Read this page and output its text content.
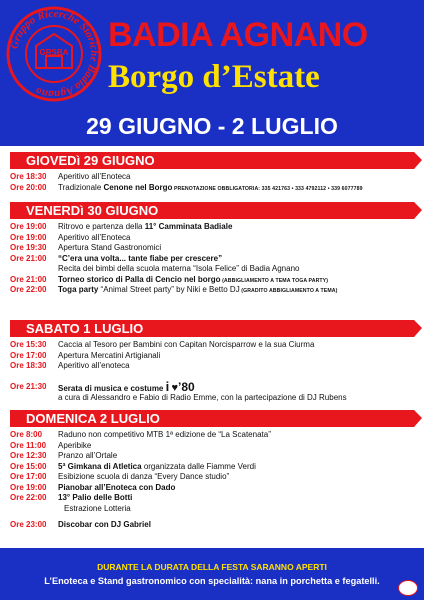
Gruppo Ricerche Storiche Badia Agnano
GRSBA BADIA AGNANO
Borgo d’Estate
29 GIUGNO - 2 LUGLIO
GIOVEDì 29 GIUGNO
Ore 18:30 Aperitivo all’Enoteca
Ore 20:00 Tradizionale Cenone nel Borgo PRENOTAZIONE OBBLIGATORIA: 335 421763 • 333 4792112 • 339 6077789
VENERDì 30 GIUGNO
Ore 19:00 Ritrovo e partenza della 11° Camminata Badiale
Ore 19:00 Aperitivo all’Enoteca
Ore 19:30 Apertura Stand Gastronomici
Ore 21:00 “C’era una volta... tante fiabe per crescere”
Recita dei bimbi della scuola materna “Isola Felice” di Badia Agnano
Ore 21:00 Torneo storico di Palla di Cencio nel borgo (ABBIGLIAMENTO A TEMA TOGA PARTY)
Ore 22:00 Toga party “Animal Street party” by Niki e Betto DJ (GRADITO ABBIGLIAMENTO A TEMA)
SABATO 1 LUGLIO
Ore 15:30 Caccia al Tesoro per Bambini con Capitan Norcisparrow e la sua Ciurma
Ore 17:00 Apertura Mercatini Artigianali
Ore 18:30 Aperitivo all’enoteca
Ore 21:30 Serata di musica e costume i ♥’80
a cura di Alessandro e Fabio di Radio Emme, con la partecipazione di DJ Rubens
DOMENICA 2 LUGLIO
Ore 8:00 Raduno non competitivo MTB 1ª edizione de “La Scatenata”
Ore 11:00 Aperibike
Ore 12:30 Pranzo all’Ortale
Ore 15:00 5ª Gimkana di Atletica organizzata dalle Fiamme Verdi
Ore 17:00 Esibizione scuola di danza “Every Dance studio”
Ore 19:00 Pianobar all’Enoteca con Dado
Ore 22:00 13° Palio delle Botti
Estrazione Lotteria
Ore 23:00 Discobar con DJ Gabriel
DURANTE LA DURATA DELLA FESTA SARANNO APERTI
L’Enoteca e Stand gastronomico con specialità: nana in porchetta e fegatelli.
